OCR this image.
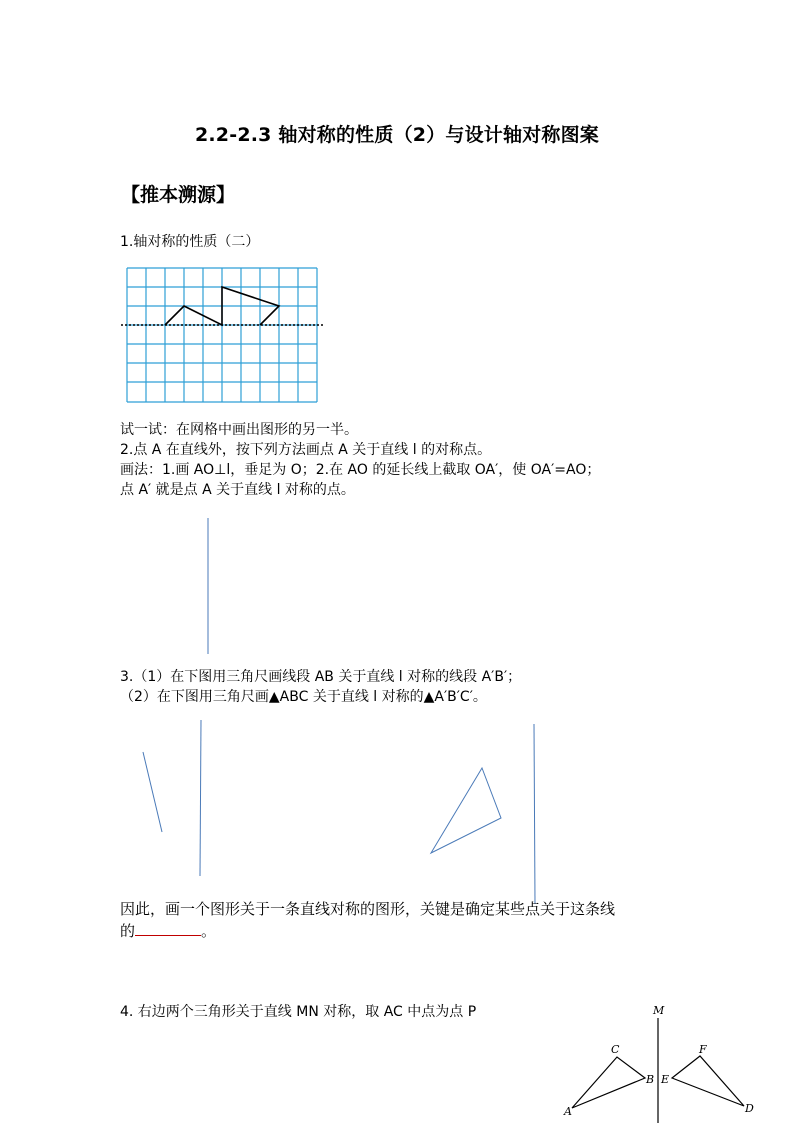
2.2-2.3 轴对称的性质（2）与设计轴对称图案
【推本溯源】
1.轴对称的性质（二）
M
C
B E
F
A	D
试一试：在网格中画出图形的另一半。
2.点 A 在直线外，按下列方法画点 A 关于直线 l 的对称点。
画法：1.画 AO⊥l，垂足为 O；2.在 AO 的延长线上截取 OA′，使 OA′=AO；
点 A′ 就是点 A 关于直线 l 对称的点。
3.（1）在下图用三角尺画线段 AB 关于直线 l 对称的线段 A′B′；
（2）在下图用三角尺画▲ABC 关于直线 l 对称的▲A′B′C′。
因此，画一个图形关于一条直线对称的图形，关键是确定某些点关于这条线
的	。
4. 右边两个三角形关于直线 MN 对称，取 AC 中点为点 P
